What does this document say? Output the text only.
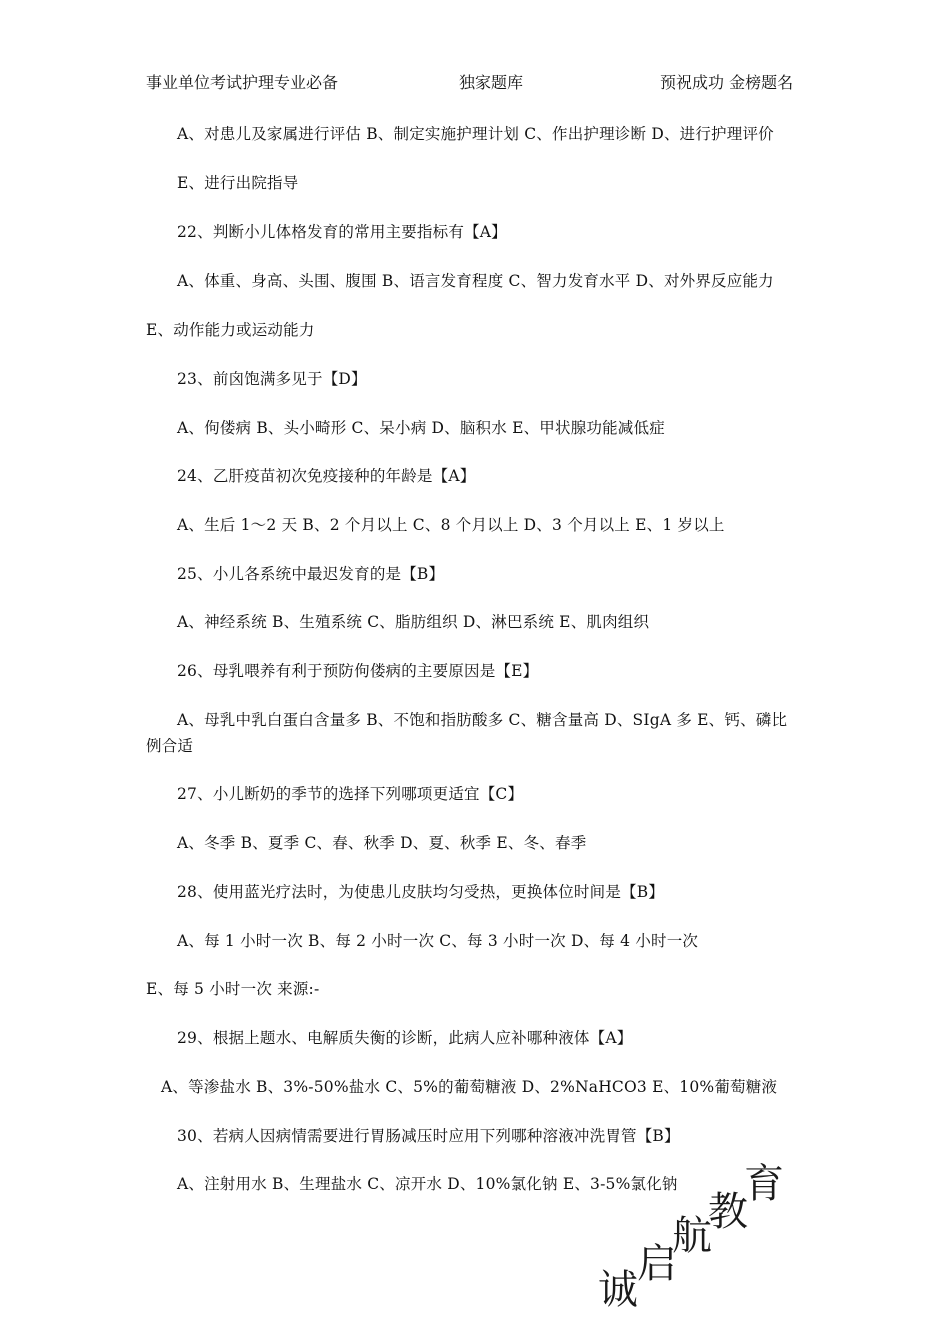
事业单位考试护理专业必备	独家题库	预祝成功 金榜题名
A、对患儿及家属进行评估 B、制定实施护理计划 C、作出护理诊断 D、进行护理评价
E、进行出院指导
22、判断小儿体格发育的常用主要指标有【A】
A、体重、身高、头围、腹围 B、语言发育程度 C、智力发育水平 D、对外界反应能力
E、动作能力或运动能力
23、前囟饱满多见于【D】
A、佝偻病 B、头小畸形 C、呆小病 D、脑积水 E、甲状腺功能减低症
24、乙肝疫苗初次免疫接种的年龄是【A】
A、生后 1～2 天 B、2 个月以上 C、8 个月以上 D、3 个月以上 E、1 岁以上
25、小儿各系统中最迟发育的是【B】
A、神经系统 B、生殖系统 C、脂肪组织 D、淋巴系统 E、肌肉组织
26、母乳喂养有利于预防佝偻病的主要原因是【E】
A、母乳中乳白蛋白含量多 B、不饱和指肪酸多 C、糖含量高 D、SIgA 多 E、钙、磷比
例合适
27、小儿断奶的季节的选择下列哪项更适宜【C】
A、冬季 B、夏季 C、春、秋季 D、夏、秋季 E、冬、春季
28、使用蓝光疗法时，为使患儿皮肤均匀受热，更换体位时间是【B】
A、每 1 小时一次 B、每 2 小时一次 C、每 3 小时一次 D、每 4 小时一次
E、每 5 小时一次 来源:-
29、根据上题水、电解质失衡的诊断，此病人应补哪种液体【A】
A、等渗盐水 B、3%-50%盐水 C、5%的葡萄糖液 D、2%NaHCO3 E、10%葡萄糖液
30、若病人因病情需要进行胃肠减压时应用下列哪种溶液冲洗胃管【B】
A、注射用水 B、生理盐水 C、凉开水 D、10%氯化钠 E、3-5%氯化钠
诚
启
航
教
育
